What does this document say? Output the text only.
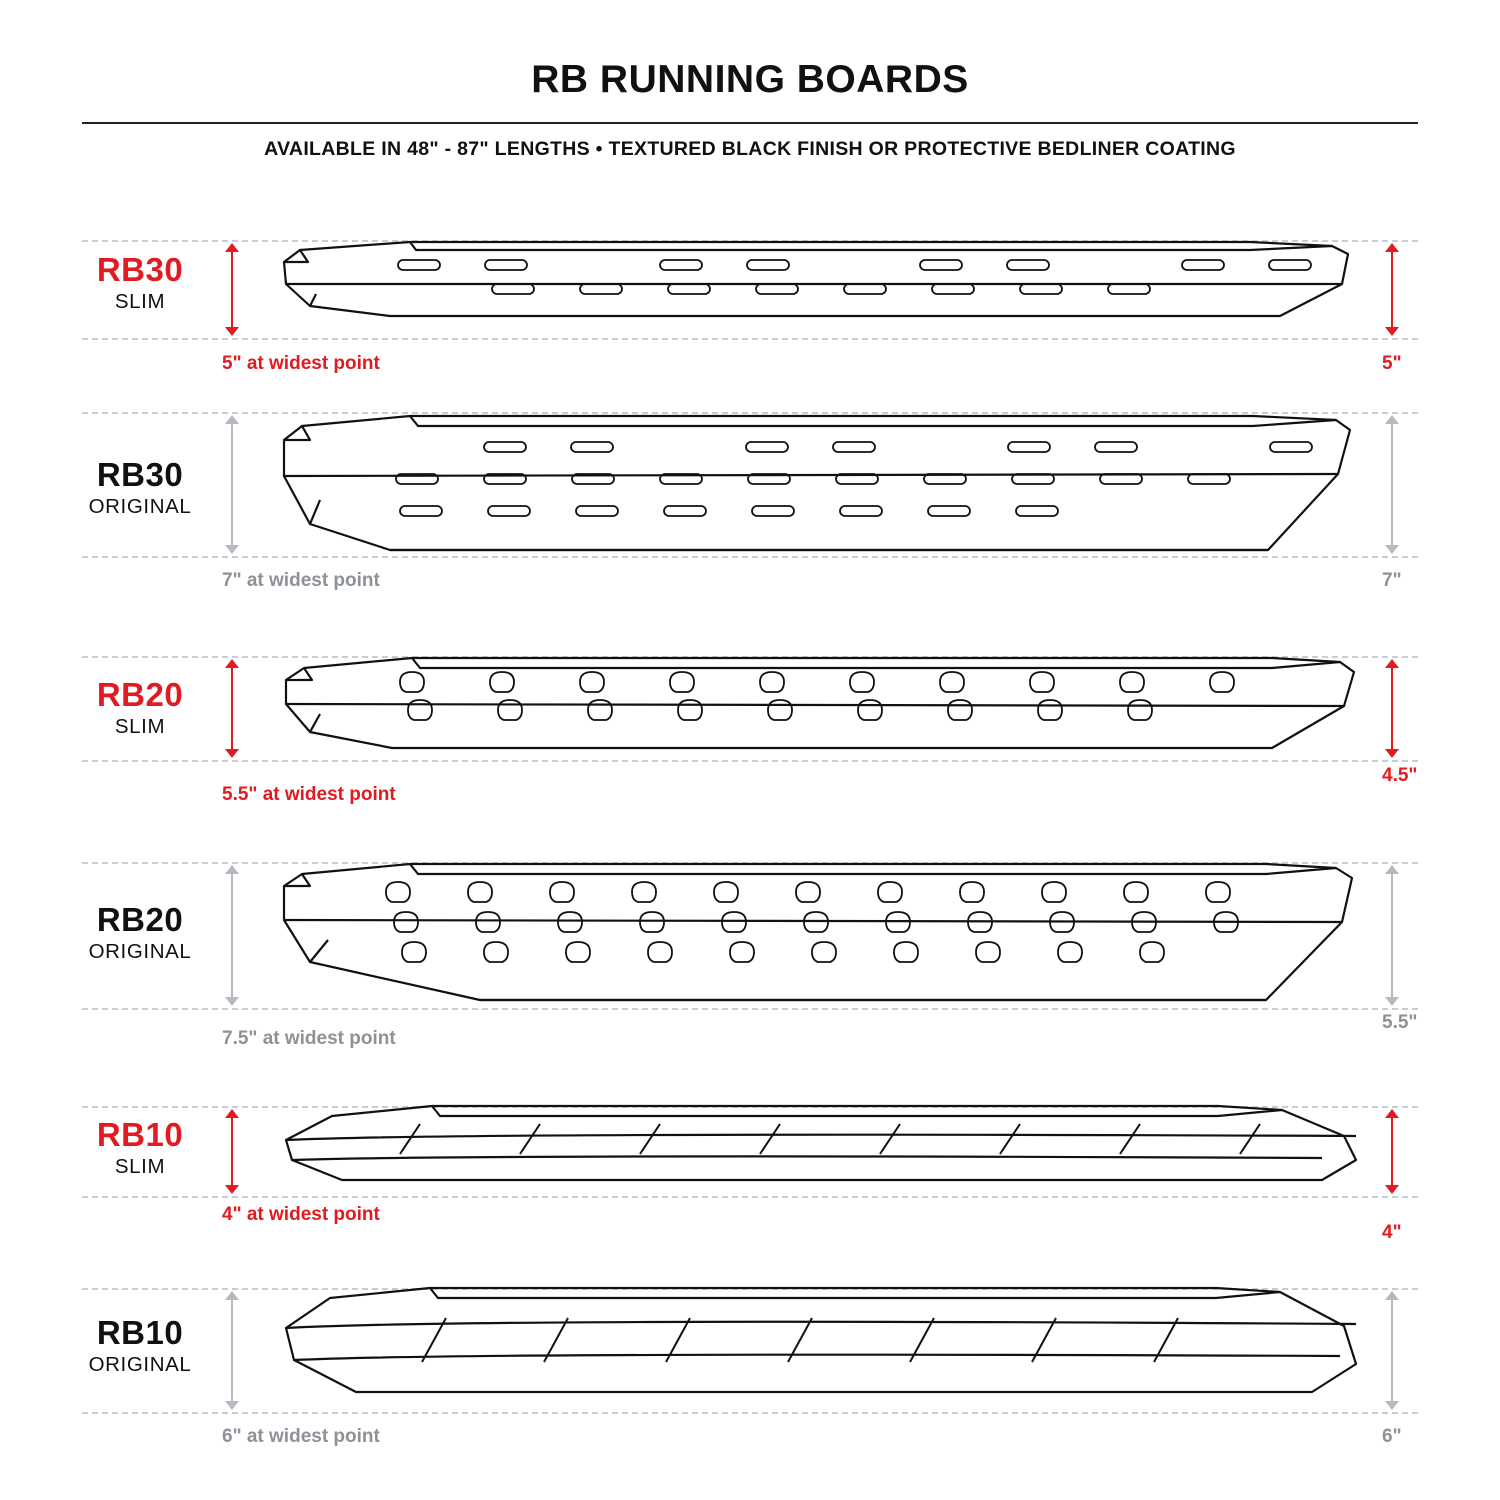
RB RUNNING BOARDS
AVAILABLE IN 48" - 87" LENGTHS • TEXTURED BLACK FINISH OR PROTECTIVE BEDLINER COATING
RB30
SLIM
5" at widest point	5"
RB30
ORIGINAL
7" at widest point	7"
RB20
SLIM
5.5" at widest point
4.5"
RB20
ORIGINAL
7.5" at widest point
5.5"
RB10
SLIM
4" at widest point
4"
RB10
ORIGINAL
6" at widest point	6"
